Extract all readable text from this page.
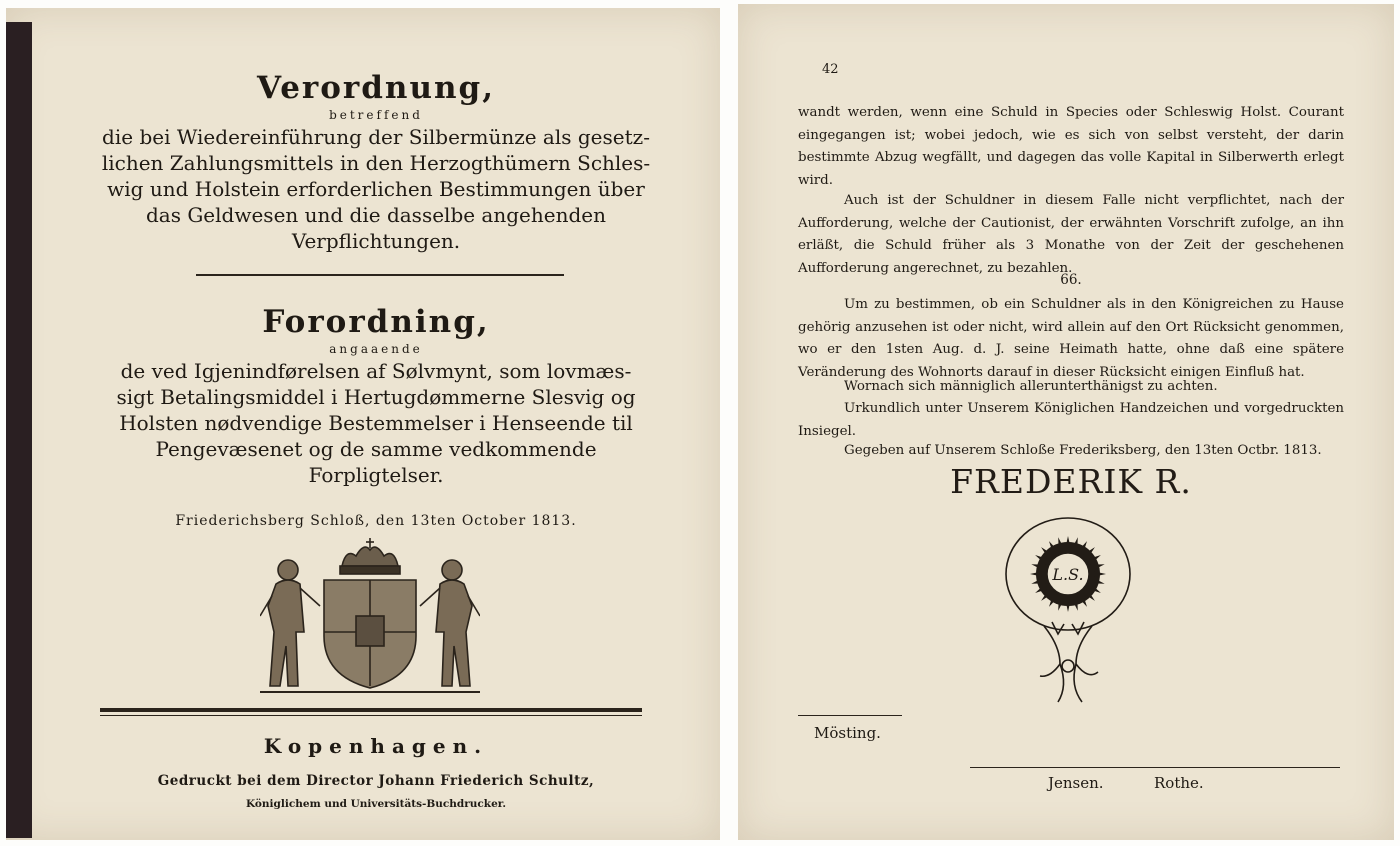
Verordnung,
betreffend
die bei Wiedereinführung der Silbermünze als gesetz-
lichen Zahlungsmittels in den Herzogthümern Schles-
wig und Holstein erforderlichen Bestimmungen über
das Geldwesen und die dasselbe angehenden
Verpflichtungen.
Forordning,
angaaende
de ved Igjenindførelsen af Sølvmynt, som lovmæs-
sigt Betalingsmiddel i Hertugdømmerne Slesvig og
Holsten nødvendige Bestemmelser i Henseende til
Pengevæsenet og de samme vedkommende
Forpligtelser.
Friederichsberg Schloß, den 13ten October 1813.
Kopenhagen.
Gedruckt bei dem Director Johann Friederich Schultz,
Königlichem und Universitäts-Buchdrucker.
42
wandt werden, wenn eine Schuld in Species oder Schleswig Holst. Courant eingegangen ist; wobei jedoch, wie es sich von selbst versteht, der darin bestimmte Abzug wegfällt, und dagegen das volle Kapital in Silberwerth erlegt wird.
Auch ist der Schuldner in diesem Falle nicht verpflichtet, nach der Aufforderung, welche der Cautionist, der erwähnten Vorschrift zufolge, an ihn erläßt, die Schuld früher als 3 Monathe von der Zeit der geschehenen Aufforderung angerechnet, zu bezahlen.
66.
Um zu bestimmen, ob ein Schuldner als in den Königreichen zu Hause gehörig anzusehen ist oder nicht, wird allein auf den Ort Rücksicht genommen, wo er den 1sten Aug. d. J. seine Heimath hatte, ohne daß eine spätere Veränderung des Wohnorts darauf in dieser Rücksicht einigen Einfluß hat.
Wornach sich männiglich allerunterthänigst zu achten.
Urkundlich unter Unserem Königlichen Handzeichen und vorgedruckten Insiegel.
Gegeben auf Unserem Schloße Frederiksberg, den 13ten Octbr. 1813.
FREDERIK R.
L.S.
Mösting.
Jensen.	Rothe.
